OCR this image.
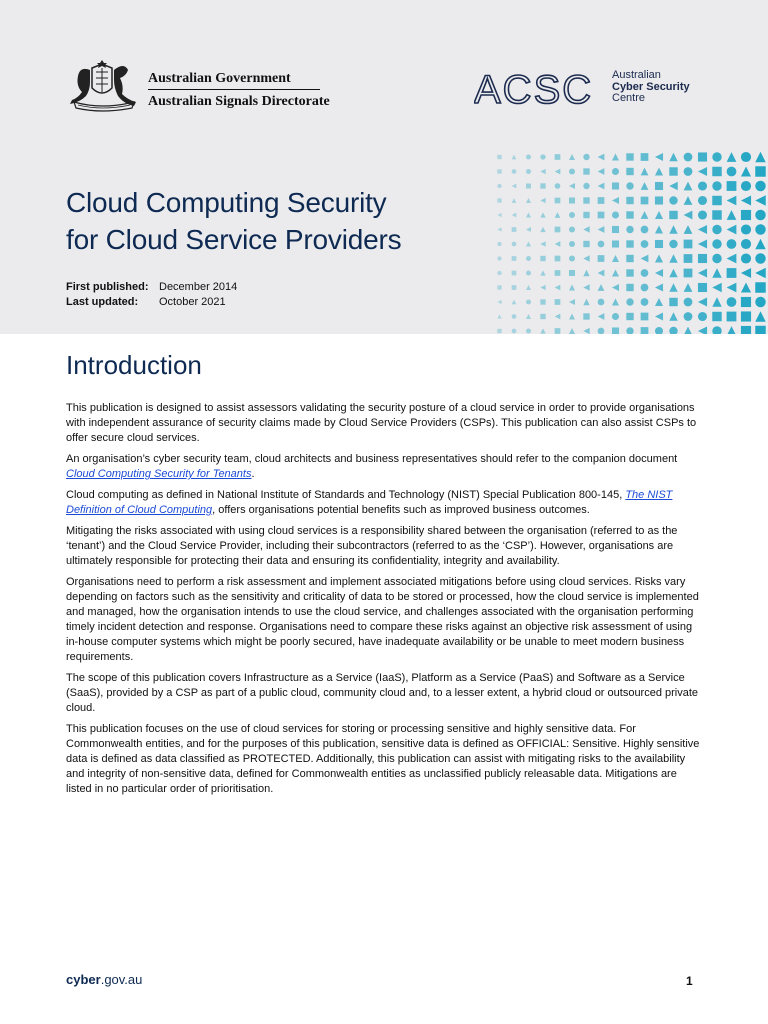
Australian Government
Australian Signals Directorate	ACSC Australian
Cyber Security
Centre
Cloud Computing Security
for Cloud Service Providers
First published: December 2014
Last updated:	October 2021
Introduction

This publication is designed to assist assessors validating the security posture of a cloud service in order to provide organisations with independent assurance of security claims made by Cloud Service Providers (CSPs). This publication can also assist CSPs to offer secure cloud services.

An organisation’s cyber security team, cloud architects and business representatives should refer to the companion document Cloud Computing Security for Tenants.

Cloud computing as defined in National Institute of Standards and Technology (NIST) Special Publication 800-145, The NIST Definition of Cloud Computing, offers organisations potential benefits such as improved business outcomes.

Mitigating the risks associated with using cloud services is a responsibility shared between the organisation (referred to as the ‘tenant’) and the Cloud Service Provider, including their subcontractors (referred to as the ‘CSP’). However, organisations are ultimately responsible for protecting their data and ensuring its confidentiality, integrity and availability.

Organisations need to perform a risk assessment and implement associated mitigations before using cloud services. Risks vary depending on factors such as the sensitivity and criticality of data to be stored or processed, how the cloud service is implemented and managed, how the organisation intends to use the cloud service, and challenges associated with the organisation performing timely incident detection and response. Organisations need to compare these risks against an objective risk assessment of using in-house computer systems which might be poorly secured, have inadequate availability or be unable to meet modern business requirements.

The scope of this publication covers Infrastructure as a Service (IaaS), Platform as a Service (PaaS) and Software as a Service (SaaS), provided by a CSP as part of a public cloud, community cloud and, to a lesser extent, a hybrid cloud or outsourced private cloud.

This publication focuses on the use of cloud services for storing or processing sensitive and highly sensitive data. For Commonwealth entities, and for the purposes of this publication, sensitive data is defined as OFFICIAL: Sensitive. Highly sensitive data is defined as data classified as PROTECTED. Additionally, this publication can assist with mitigating risks to the availability and integrity of non-sensitive data, defined for Commonwealth entities as unclassified publicly releasable data. Mitigations are listed in no particular order of prioritisation.

cyber.gov.au	1
